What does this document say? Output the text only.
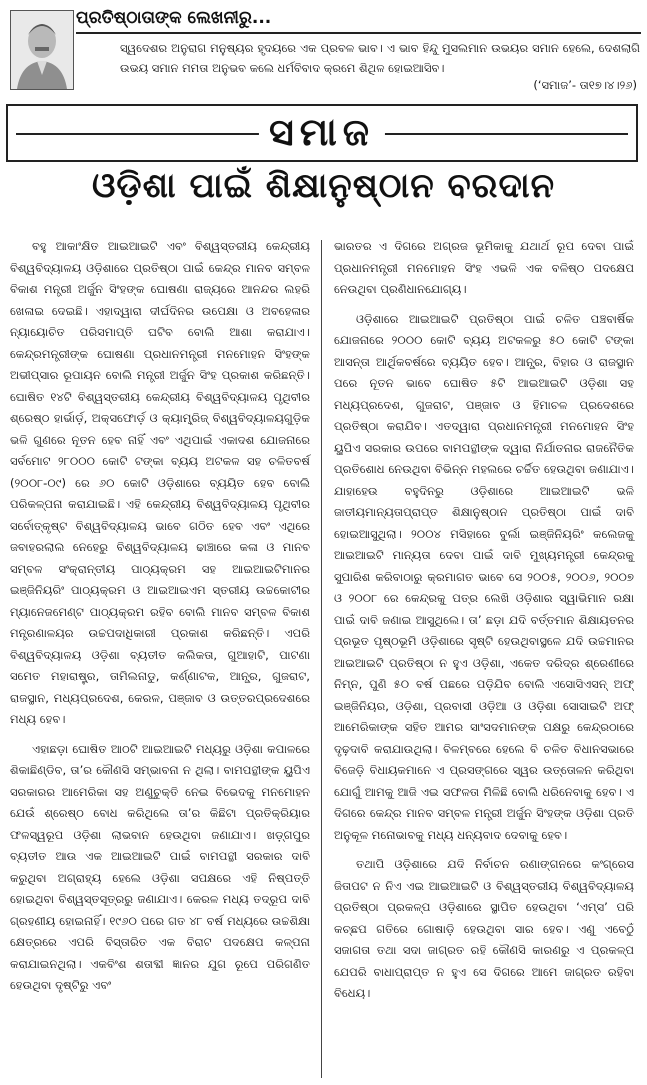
ପ୍ରତିଷ୍ଠାତାଙ୍କ ଲେଖନୀରୁ...
ସ୍ୱଦେଶର ଅନୁରାଗ ମନୁଷ୍ୟର ହୃଦୟରେ ଏକ ପ୍ରବଳ ଭାବ। ଏ ଭାବ ହିନ୍ଦୁ ମୁସଲମାନ ଉଭୟର ସମାନ ହେଲେ, ଦେଶଲାଗି ଉଭୟ ସମାନ ମମତା ଅନୁଭବ କଲେ ଧର୍ମବିବାଦ କ୍ରମେ ଶିଥିଳ ହୋଇଆସିବ।
(‘ସମାଜ’- ତା୧୭।୪।୨୬)
ସମାଜ
ଓଡ଼ିଶା ପାଇଁ ଶିକ୍ଷାନୁଷ୍ଠାନ ବରଦାନ

ବହୁ ଆକାଂକ୍ଷିତ ଆଇଆଇଟି ଏବଂ ବିଶ୍ୱସ୍ତରୀୟ କେନ୍ଦ୍ରୀୟ ବିଶ୍ୱବିଦ୍ୟାଳୟ ଓଡ଼ିଶାରେ ପ୍ରତିଷ୍ଠା ପାଇଁ କେନ୍ଦ୍ର ମାନବ ସମ୍ବଳ ବିକାଶ ମନ୍ତ୍ରୀ ଅର୍ଜୁନ ସିଂହଙ୍କ ଘୋଷଣା ରାଜ୍ୟରେ ଆନନ୍ଦର ଲହରି ଖେଳାଇ ଦେଇଛି। ଏହାଦ୍ୱାରା ଦୀର୍ଘଦିନର ଉପେକ୍ଷା ଓ ଅବହେଳାର ନ୍ୟାୟୋଚିତ ପରିସମାପ୍ତି ଘଟିବ ବୋଲି ଆଶା କରାଯାଏ। କେନ୍ଦ୍ରମନ୍ତ୍ରୀଙ୍କ ଘୋଷଣା ପ୍ରଧାନମନ୍ତ୍ରୀ ମନମୋହନ ସିଂହଙ୍କ ଅଭୀପ୍ସାର ରୂପାୟନ ବୋଲି ମନ୍ତ୍ରୀ ଅର୍ଜୁନ ସିଂହ ପ୍ରକାଶ କରିଛନ୍ତି। ଘୋଷିତ ୧୪ଟି ବିଶ୍ୱସ୍ତରୀୟ କେନ୍ଦ୍ରୀୟ ବିଶ୍ୱବିଦ୍ୟାଳୟ ପୃଥିବୀର ଶ୍ରେଷ୍ଠ ହାର୍ଭାର୍ଡ଼, ଅକ୍ସଫୋର୍ଡ଼ ଓ କ୍ୟାମ୍ବ୍ରିଜ୍ ବିଶ୍ୱବିଦ୍ୟାଳୟଗୁଡ଼ିକ ଭଳି ଗୁଣରେ ନୂତନ ହେବ ନାହିଁ ଏବଂ ଏଥିପାଇଁ ଏକାଦଶ ଯୋଜନାରେ ସର୍ବମୋଟ ୨୮୦୦୦ କୋଟି ଟଙ୍କା ବ୍ୟୟ ଅଟକଳ ସହ ଚଳିତବର୍ଷ (୨୦୦୮-୦୯) ରେ ୬୦ କୋଟି ଓଡ଼ିଶାରେ ବ୍ୟୟିତ ହେବ ବୋଲି ପରିକଳ୍ପନା କରାଯାଇଛି। ଏହି କେନ୍ଦ୍ରୀୟ ବିଶ୍ୱବିଦ୍ୟାଳୟ ପୃଥିବୀର ସର୍ବୋତ୍କୃଷ୍ଟ ବିଶ୍ୱବିଦ୍ୟାଳୟ ଭାବେ ଗଠିତ ହେବ ଏବଂ ଏଥିରେ ଜବାହରଲାଲ ନେହେରୁ ବିଶ୍ୱବିଦ୍ୟାଳୟ ଢାଞ୍ଚାରେ କଳା ଓ ମାନବ ସମ୍ବଳ ସଂକ୍ରାନ୍ତୀୟ ପାଠ୍ୟକ୍ରମ ସହ ଆଇଆଇଟିମାନର ଇଞ୍ଜିନିୟରିଂ ପାଠ୍ୟକ୍ରମ ଓ ଆଇଆଇଏମ ସ୍ତରୀୟ ଉଚ୍ଚକୋଟୀର ମ୍ୟାନେଜମେଣ୍ଟ ପାଠ୍ୟକ୍ରମ ରହିବ ବୋଲି ମାନବ ସମ୍ବଳ ବିକାଶ ମନ୍ତ୍ରଣାଳୟର ଉଚ୍ଚପଦାଧିକାରୀ ପ୍ରକାଶ କରିଛନ୍ତି। ଏପରି ବିଶ୍ୱବିଦ୍ୟାଳୟ ଓଡ଼ିଶା ବ୍ୟତୀତ କଲିକତା, ଗୁଆହାଟି, ପାଟଣା ସମେତ ମହାରାଷ୍ଟ୍ର, ତାମିଲନାଡୁ, କର୍ଣ୍ଣାଟକ, ଆନ୍ଧ୍ର, ଗୁଜରାଟ, ରାଜସ୍ଥାନ, ମଧ୍ୟପ୍ରଦେଶ, କେରଳ, ପଞ୍ଜାବ ଓ ଉତ୍ତରପ୍ରଦେଶରେ ମଧ୍ୟ ହେବ।

ଏହାଛଡ଼ା ଘୋଷିତ ଆଠଟି ଆଇଆଇଟି ମଧ୍ୟରୁ ଓଡ଼ିଶା କପାଳରେ ଶିକାଛିଣ୍ଡିବ, ତା’ର କୌଣସି ସମ୍ଭାବନା ନ ଥିଲା। ବାମପନ୍ଥୀଙ୍କ ୟୁପିଏ ସରକାରର ଆମେରିକା ସହ ଅଣୁଚୁକ୍ତି ନେଇ ବିଭେଦକୁ ମନମୋହନ ଯେଉଁ ଶ୍ରେଷ୍ଠ ବୋଧ କରିଥିଲେ ତା’ର କିଛିଟା ପ୍ରତିକ୍ରିୟାର ଫଳସ୍ୱରୂପ ଓଡ଼ିଶା ଲାଭବାନ ହେଉଥିବା ଜଣାଯାଏ। ଖଡ଼୍ଗପୁର ବ୍ୟତୀତ ଆଉ ଏକ ଆଇଆଇଟି ପାଇଁ ବାମପନ୍ଥୀ ସରକାର ଦାବି କରୁଥିବା ଅଗ୍ରାହ୍ୟ ହେଲେ ଓଡ଼ିଶା ସପକ୍ଷରେ ଏହି ନିଷ୍ପତ୍ତି ହୋଇଥିବା ବିଶ୍ୱସ୍ତସୂତ୍ରରୁ ଜଣାଯାଏ। କେରଳ ମଧ୍ୟ ତଦ୍ରୂପ ଦାବି ଗ୍ରହଣୀୟ ହୋଇନାହିଁ। ୧୯୬୦ ପରେ ଗତ ୪୮ ବର୍ଷ ମଧ୍ୟରେ ଉଚ୍ଚଶିକ୍ଷା କ୍ଷେତ୍ରରେ ଏପରି ବିସ୍ତାରିତ ଏକ ବିରାଟ ପଦକ୍ଷେପ କଳ୍ପନା କରାଯାଇନଥିଲା। ଏକବିଂଶ ଶତାବ୍ଦୀ ଜ୍ଞାନର ଯୁଗ ରୂପେ ପରିଗଣିତ ହେଉଥିବା ଦୃଷ୍ଟିରୁ ଏବଂ

ଭାରତର ଏ ଦିଗରେ ଅଗ୍ରଜ ଭୂମିକାକୁ ଯଥାର୍ଥ ରୂପ ଦେବା ପାଇଁ ପ୍ରଧାନମନ୍ତ୍ରୀ ମନମୋହନ ସିଂହ ଏଭଳି ଏକ ବଳିଷ୍ଠ ପଦକ୍ଷେପ ନେଉଥିବା ପ୍ରଣିଧାନଯୋଗ୍ୟ।

ଓଡ଼ିଶାରେ ଆଇଆଇଟି ପ୍ରତିଷ୍ଠା ପାଇଁ ଚଳିତ ପଞ୍ଚବାର୍ଷିକ ଯୋଜନାରେ ୨୦୦୦ କୋଟି ବ୍ୟୟ ଅଟକଳରୁ ୫୦ କୋଟି ଟଙ୍କା ଆସନ୍ତା ଆର୍ଥିକବର୍ଷରେ ବ୍ୟୟିତ ହେବ। ଆନ୍ଧ୍ର, ବିହାର ଓ ରାଜସ୍ଥାନ ପରେ ନୂତନ ଭାବେ ଘୋଷିତ ୫ଟି ଆଇଆଇଟି ଓଡ଼ିଶା ସହ ମଧ୍ୟପ୍ରଦେଶ, ଗୁଜରାଟ, ପଞ୍ଜାବ ଓ ହିମାଚଳ ପ୍ରଦେଶରେ ପ୍ରତିଷ୍ଠା କରାଯିବ। ଏତଦ୍ୱାରା ପ୍ରଧାନମନ୍ତ୍ରୀ ମନମୋହନ ସିଂହ ୟୁପିଏ ସରକାର ଉପରେ ବାମପନ୍ଥୀଙ୍କ ଦ୍ୱାରା ନିର୍ଯାତନାର ରାଜନୈତିକ ପ୍ରତିଶୋଧ ନେଉଥିବା ବିଭିନ୍ନ ମହଲରେ ଚର୍ଚ୍ଚିତ ହେଉଥିବା ଜଣାଯାଏ। ଯାହାହେଉ ବହୁଦିନରୁ ଓଡ଼ିଶାରେ ଆଇଆଇଟି ଭଳି ଜାତୀୟମାନ୍ୟତାପ୍ରାପ୍ତ ଶିକ୍ଷାନୁଷ୍ଠାନ ପ୍ରତିଷ୍ଠା ପାଇଁ ଦାବି ହୋଇଆସୁଥିଲା। ୨୦୦୪ ମସିହାରେ ବୁର୍ଲା ଇଞ୍ଜିନିୟରିଂ କଲେଜକୁ ଆଇଆଇଟି ମାନ୍ୟତା ଦେବା ପାଇଁ ଦାବି ମୁଖ୍ୟମନ୍ତ୍ରୀ କେନ୍ଦ୍ରକୁ ସୁପାରିଶ କରିବାଠାରୁ କ୍ରମାଗତ ଭାବେ ସେ ୨୦୦୫, ୨୦୦୬, ୨୦୦୭ ଓ ୨୦୦୮ ରେ କେନ୍ଦ୍ରକୁ ପତ୍ର ଲେଖି ଓଡ଼ିଶାର ସ୍ୱାଭିମାନ ରକ୍ଷା ପାଇଁ ଦାବି ଜଣାଇ ଆସୁଥିଲେ। ତା’ ଛଡ଼ା ଯଦି ବର୍ତ୍ତମାନ ଶିକ୍ଷାୟତନର ପ୍ରଭୂତ ପୃଷ୍ଠଭୂମି ଓଡ଼ିଶାରେ ସୃଷ୍ଟି ହେଉଥିବାସ୍ଥଳେ ଯଦି ଉଚ୍ଚମାନର ଆଇଆଇଟି ପ୍ରତିଷ୍ଠା ନ ହୁଏ ଓଡ଼ିଶା, ଏକେତ ଦରିଦ୍ର ଶ୍ରେଣୀରେ ନିମ୍ନ, ପୁଣି ୫୦ ବର୍ଷ ପଛରେ ପଡ଼ିଯିବ ବୋଲି ଏସୋସିଏସନ୍ ଅଫ୍ ଇଞ୍ଜିନିୟର, ଓଡ଼ିଶା, ପ୍ରବାସୀ ଓଡ଼ିଆ ଓ ଓଡ଼ିଶା ସୋସାଇଟି ଅଫ୍ ଆମେରିକାଙ୍କ ସହିତ ଆମର ସାଂସଦମାନଙ୍କ ପକ୍ଷରୁ କେନ୍ଦ୍ରଠାରେ ଦୃଢ଼ଦାବି କରାଯାଉଥିଲା। ବିଳମ୍ବରେ ହେଲେ ବି ଚଳିତ ବିଧାନସଭାରେ ବିଜେଡ଼ି ବିଧାୟକମାନେ ଏ ପ୍ରସଙ୍ଗରେ ସ୍ୱର ଉତ୍ତୋଳନ କରିଥିବା ଯୋଗୁଁ ଆମକୁ ଆଜି ଏଇ ସଫଳତା ମିଳିଛି ବୋଲି ଧରିନେବାକୁ ହେବ। ଏ ଦିଗରେ କେନ୍ଦ୍ର ମାନବ ସମ୍ବଳ ମନ୍ତ୍ରୀ ଅର୍ଜୁନ ସିଂହଙ୍କ ଓଡ଼ିଶା ପ୍ରତି ଅନୁକୂଳ ମନୋଭାବକୁ ମଧ୍ୟ ଧନ୍ୟବାଦ ଦେବାକୁ ହେବ।

ତଥାପି ଓଡ଼ିଶାରେ ଯଦି ନିର୍ବାଚନ ରଣାଙ୍ଗନରେ କଂଗ୍ରେସ ଜିତାପଟ ନ ନିଏ ଏଇ ଆଇଆଇଟି ଓ ବିଶ୍ୱସ୍ତରୀୟ ବିଶ୍ୱବିଦ୍ୟାଳୟ ପ୍ରତିଷ୍ଠା ପ୍ରକଳ୍ପ ଓଡ଼ିଶାରେ ସ୍ଥାପିତ ହେଉଥିବା ‘ଏମ୍ସ’ ପରି କଚ୍ଛପ ଗତିରେ ଗୋଷାଡ଼ି ହେଉଥିବା ସାର ହେବ। ଏଣୁ ଏବେଠୁଁ ସଜାଗତା ତଥା ସଦା ଜାଗ୍ରତ ରହି କୌଣସି କାରଣରୁ ଏ ପ୍ରକଳ୍ପ ଯେପରି ବାଧାପ୍ରାପ୍ତ ନ ହୁଏ ସେ ଦିଗରେ ଆମେ ଜାଗ୍ରତ ରହିବା ବିଧେୟ।
